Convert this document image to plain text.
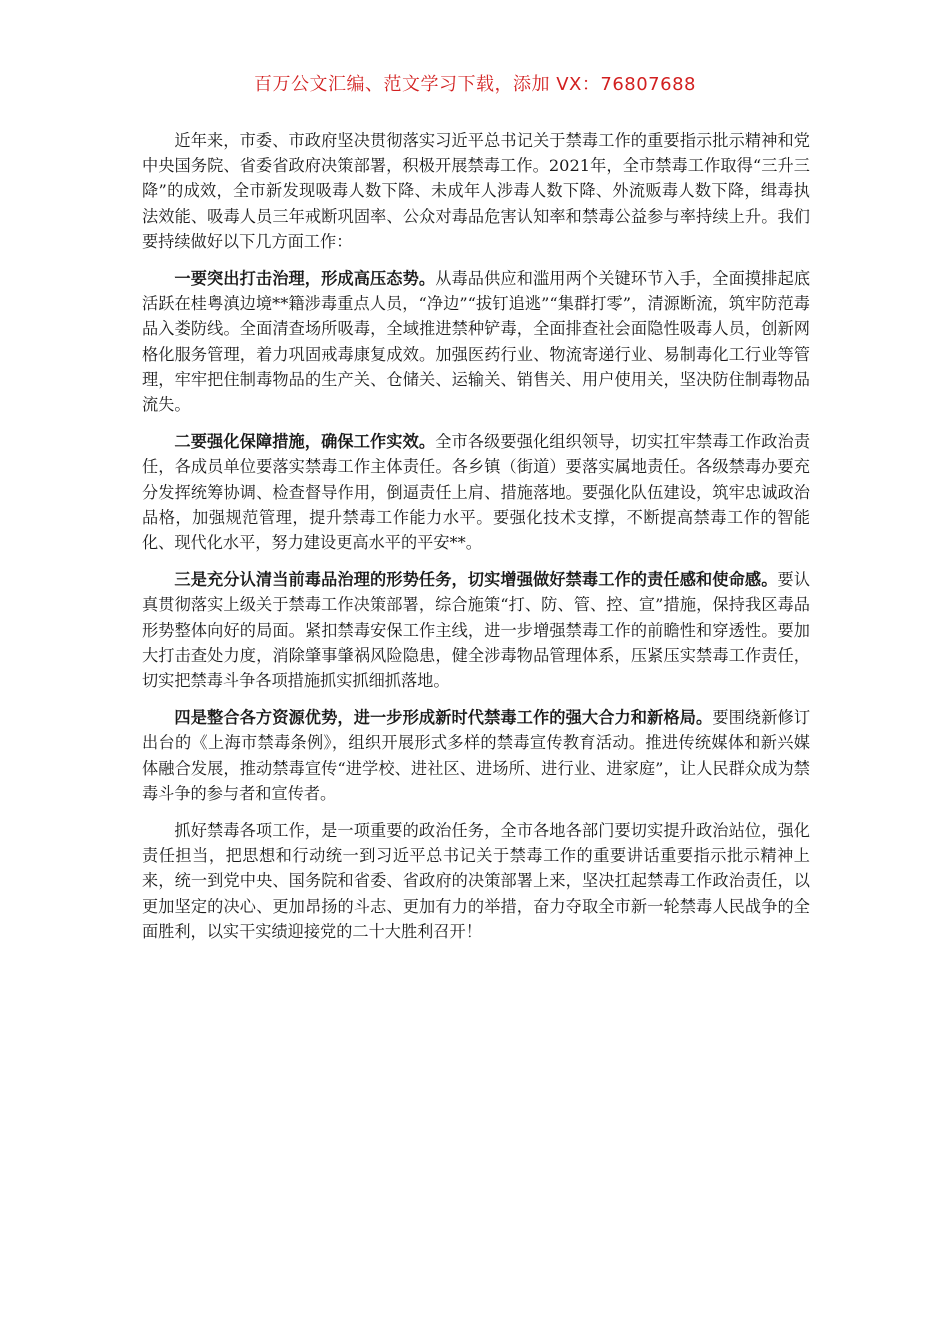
百万公文汇编、范文学习下载，添加 VX：76807688

近年来，市委、市政府坚决贯彻落实习近平总书记关于禁毒工作的重要指示批示精神和党中央国务院、省委省政府决策部署，积极开展禁毒工作。2021年，全市禁毒工作取得“三升三降”的成效，全市新发现吸毒人数下降、未成年人涉毒人数下降、外流贩毒人数下降，缉毒执法效能、吸毒人员三年戒断巩固率、公众对毒品危害认知率和禁毒公益参与率持续上升。我们要持续做好以下几方面工作：

一要突出打击治理，形成高压态势。从毒品供应和滥用两个关键环节入手，全面摸排起底活跃在桂粤滇边境**籍涉毒重点人员，“净边”“拔钉追逃”“集群打零”，清源断流，筑牢防范毒品入娄防线。全面清查场所吸毒，全域推进禁种铲毒，全面排查社会面隐性吸毒人员，创新网格化服务管理，着力巩固戒毒康复成效。加强医药行业、物流寄递行业、易制毒化工行业等管理，牢牢把住制毒物品的生产关、仓储关、运输关、销售关、用户使用关，坚决防住制毒物品流失。

二要强化保障措施，确保工作实效。全市各级要强化组织领导，切实扛牢禁毒工作政治责任，各成员单位要落实禁毒工作主体责任。各乡镇（街道）要落实属地责任。各级禁毒办要充分发挥统筹协调、检查督导作用，倒逼责任上肩、措施落地。要强化队伍建设，筑牢忠诚政治品格，加强规范管理，提升禁毒工作能力水平。要强化技术支撑，不断提高禁毒工作的智能化、现代化水平，努力建设更高水平的平安**。

三是充分认清当前毒品治理的形势任务，切实增强做好禁毒工作的责任感和使命感。要认真贯彻落实上级关于禁毒工作决策部署，综合施策“打、防、管、控、宣”措施，保持我区毒品形势整体向好的局面。紧扣禁毒安保工作主线，进一步增强禁毒工作的前瞻性和穿透性。要加大打击查处力度，消除肇事肇祸风险隐患，健全涉毒物品管理体系，压紧压实禁毒工作责任，切实把禁毒斗争各项措施抓实抓细抓落地。

四是整合各方资源优势，进一步形成新时代禁毒工作的强大合力和新格局。要围绕新修订出台的《上海市禁毒条例》，组织开展形式多样的禁毒宣传教育活动。推进传统媒体和新兴媒体融合发展，推动禁毒宣传“进学校、进社区、进场所、进行业、进家庭”，让人民群众成为禁毒斗争的参与者和宣传者。

抓好禁毒各项工作，是一项重要的政治任务，全市各地各部门要切实提升政治站位，强化责任担当，把思想和行动统一到习近平总书记关于禁毒工作的重要讲话重要指示批示精神上来，统一到党中央、国务院和省委、省政府的决策部署上来，坚决扛起禁毒工作政治责任，以更加坚定的决心、更加昂扬的斗志、更加有力的举措，奋力夺取全市新一轮禁毒人民战争的全面胜利，以实干实绩迎接党的二十大胜利召开！
